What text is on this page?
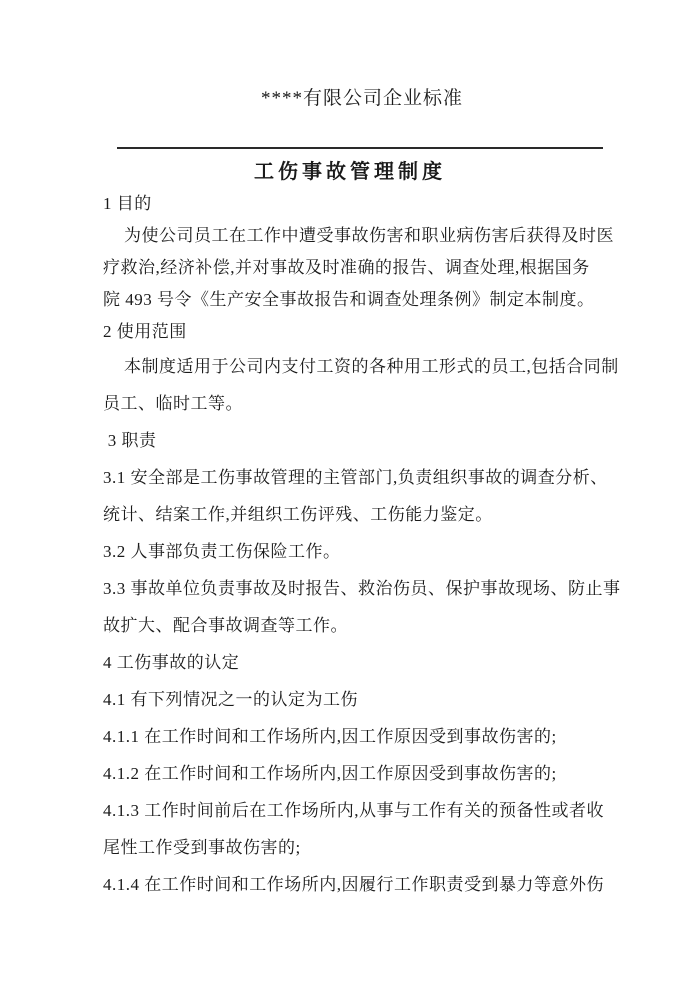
****有限公司企业标准
工伤事故管理制度
1 目的
为使公司员工在工作中遭受事故伤害和职业病伤害后获得及时医
疗救治,经济补偿,并对事故及时准确的报告、调查处理,根据国务
院 493 号令《生产安全事故报告和调查处理条例》制定本制度。
2 使用范围
本制度适用于公司内支付工资的各种用工形式的员工,包括合同制
员工、临时工等。
3 职责
3.1 安全部是工伤事故管理的主管部门,负责组织事故的调查分析、
统计、结案工作,并组织工伤评残、工伤能力鉴定。
3.2 人事部负责工伤保险工作。
3.3 事故单位负责事故及时报告、救治伤员、保护事故现场、防止事
故扩大、配合事故调查等工作。
4 工伤事故的认定
4.1 有下列情况之一的认定为工伤
4.1.1 在工作时间和工作场所内,因工作原因受到事故伤害的;
4.1.2 在工作时间和工作场所内,因工作原因受到事故伤害的;
4.1.3 工作时间前后在工作场所内,从事与工作有关的预备性或者收
尾性工作受到事故伤害的;
4.1.4 在工作时间和工作场所内,因履行工作职责受到暴力等意外伤
